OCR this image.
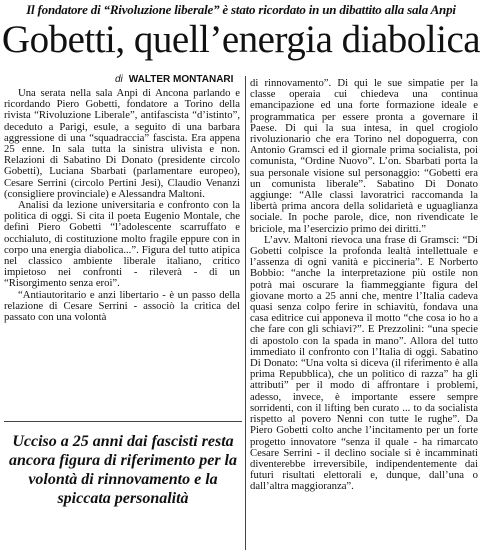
Il fondatore di “Rivoluzione liberale” è stato ricordato in un dibattito alla sala Anpi
Gobetti, quell’energia diabolica
di WALTER MONTANARI

Una serata nella sala Anpi di Ancona parlando e ricordando Piero Gobetti, fondatore a Torino della rivista “Rivoluzione Liberale”, antifascista “d’istinto”, deceduto a Parigi, esule, a seguito di una barbara aggressione di una “squadraccia” fascista. Era appena 25 enne. In sala tutta la sinistra ulivista e non. Relazioni di Sabatino Di Donato (presidente circolo Gobetti), Luciana Sbarbati (parlamentare europeo), Cesare Serrini (circolo Pertini Jesi), Claudio Venanzi (consigliere provinciale) e Alessandra Maltoni.

Analisi da lezione universitaria e confronto con la politica di oggi. Si cita il poeta Eugenio Montale, che definì Piero Gobetti “l’adolescente scarruffato e occhialuto, di costituzione molto fragile eppure con in corpo una energia diabolica...”. Figura del tutto atipica nel classico ambiente liberale italiano, critico impietoso nei confronti - rileverà - di un “Risorgimento senza eroi”.

“Antiautoritario e anzi libertario - è un passo della relazione di Cesare Serrini - associò la critica del passato con una volontà

Ucciso a 25 anni dai fascisti resta ancora figura di riferimento per la volontà di rinnovamento e la spiccata personalità

di rinnovamento”. Di qui le sue simpatie per la classe operaia cui chiedeva una continua emancipazione ed una forte formazione ideale e programmatica per essere pronta a governare il Paese. Di qui la sua intesa, in quel crogiolo rivoluzionario che era Torino nel dopoguerra, con Antonio Gramsci ed il giornale prima socialista, poi comunista, “Ordine Nuovo”. L’on. Sbarbati porta la sua personale visione sul personaggio: “Gobetti era un comunista liberale”. Sabatino Di Donato aggiunge: “Alle classi lavoratrici raccomanda la libertà prima ancora della solidarietà e uguaglianza sociale. In poche parole, dice, non rivendicate le briciole, ma l’esercizio primo dei diritti.”

L’avv. Maltoni rievoca una frase di Gramsci: “Di Gobetti colpisce la profonda lealtà intellettuale e l’assenza di ogni vanità e piccineria”. E Norberto Bobbio: “anche la interpretazione più ostile non potrà mai oscurare la fiammeggiante figura del giovane morto a 25 anni che, mentre l’Italia cadeva quasi senza colpo ferire in schiavitù, fondava una casa editrice cui apponeva il motto “che cosa io ho a che fare con gli schiavi?”. E Prezzolini: “una specie di apostolo con la spada in mano”. Allora del tutto immediato il confronto con l’Italia di oggi. Sabatino Di Donato: “Una volta si diceva (il riferimento è alla prima Repubblica), che un politico di razza” ha gli attributi” per il modo di affrontare i problemi, adesso, invece, è importante essere sempre sorridenti, con il lifting ben curato ... to da socialista rispetto al povero Nenni con tutte le rughe”. Da Piero Gobetti colto anche l’incitamento per un forte progetto innovatore “senza il quale - ha rimarcato Cesare Serrini - il declino sociale si è incamminati diventerebbe irreversibile, indipendentemente dai futuri risultati elettorali e, dunque, dall’una o dall’altra maggioranza”.
